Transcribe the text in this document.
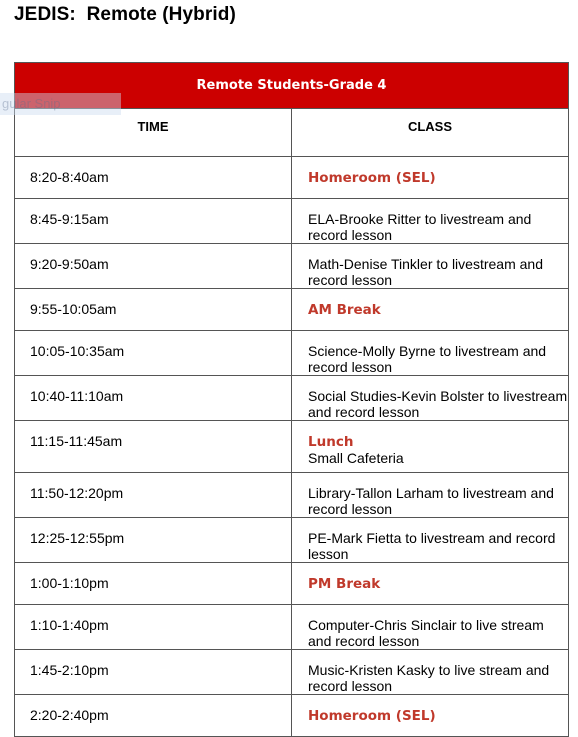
JEDIS:  Remote (Hybrid)
Remote Students-Grade 4	
TIME	CLASS
8:20-8:40am	Homeroom (SEL)

8:45-9:15am	ELA-Brooke Ritter to livestream and record lesson
9:20-9:50am	Math-Denise Tinkler to livestream and record lesson
9:55-10:05am	AM Break

10:05-10:35am	Science-Molly Byrne to livestream and record lesson
10:40-11:10am	Social Studies-Kevin Bolster to livestream and record lesson
11:15-11:45am	Lunch
Small Cafeteria

11:50-12:20pm	Library-Tallon Larham to livestream and record lesson
12:25-12:55pm	PE-Mark Fietta to livestream and record lesson
1:00-1:10pm	PM Break

1:10-1:40pm	Computer-Chris Sinclair to live stream and record lesson
1:45-2:10pm	Music-Kristen Kasky to live stream and record lesson
2:20-2:40pm	Homeroom (SEL)
gular Snip
